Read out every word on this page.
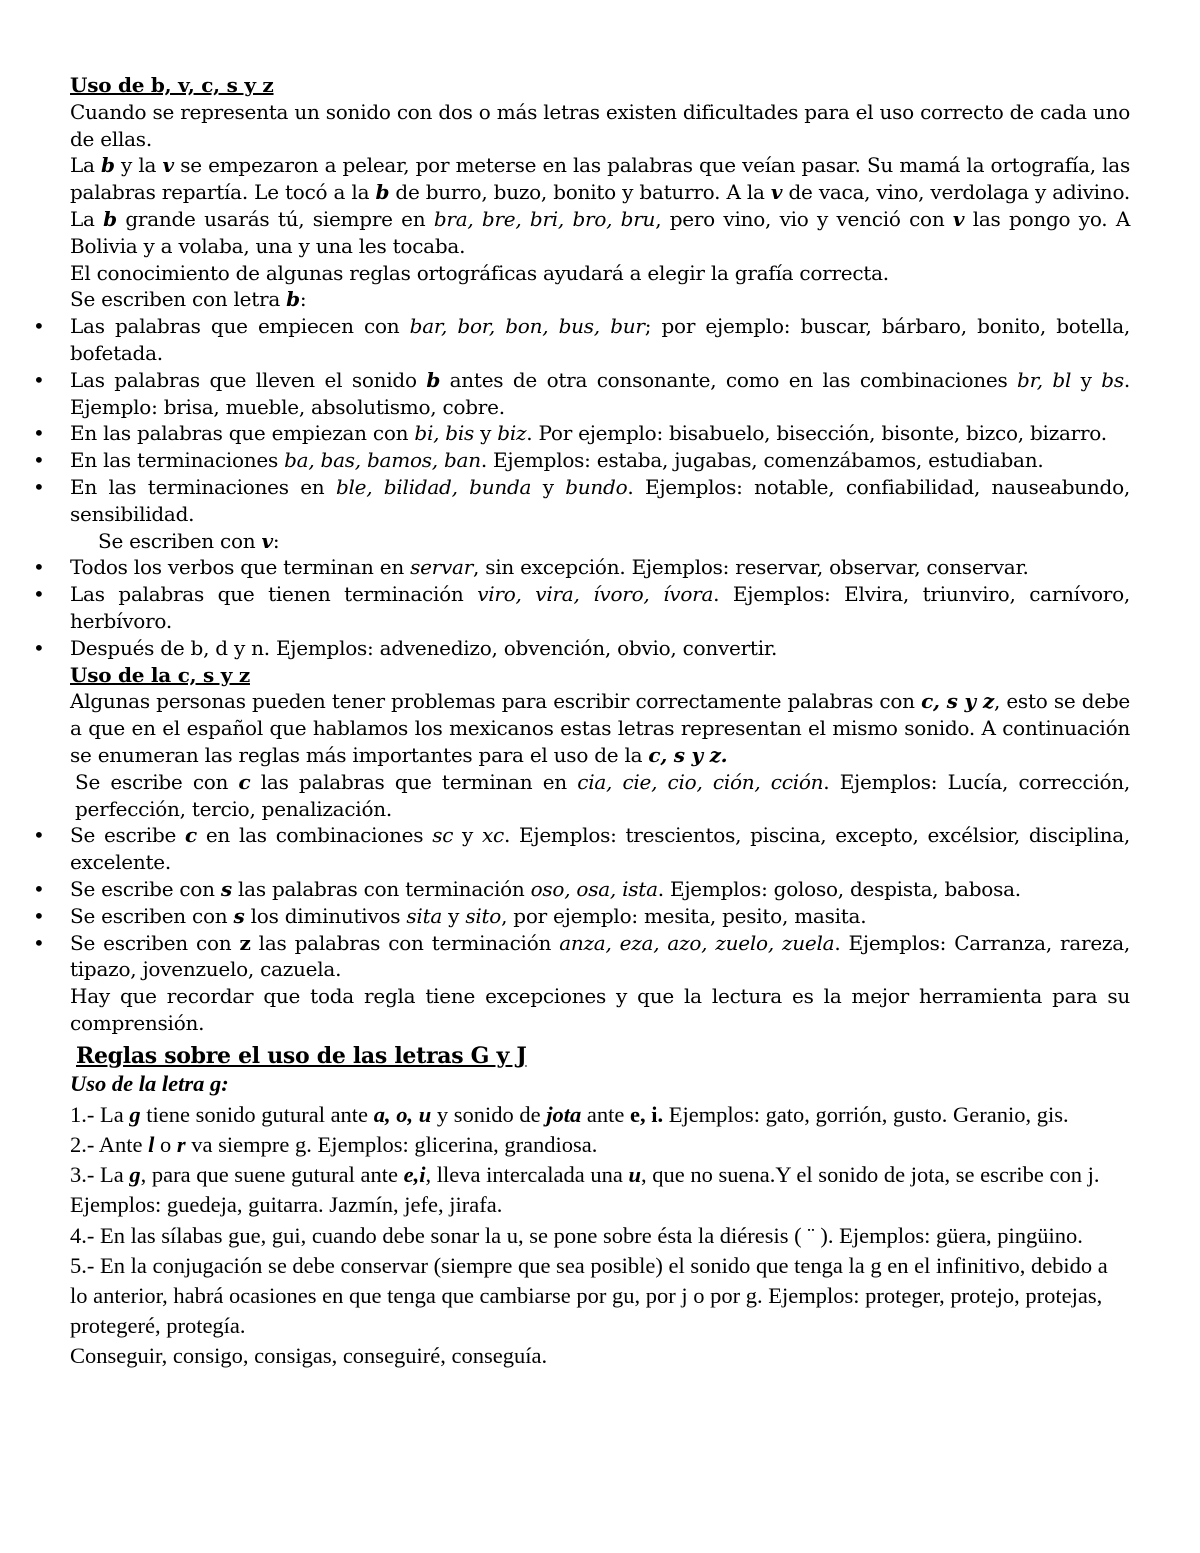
Uso de b, v, c, s y z
Cuando se representa un sonido con dos o más letras existen dificultades para el uso correcto de cada uno de ellas.
La b y la v se empezaron a pelear, por meterse en las palabras que veían pasar. Su mamá la ortografía, las palabras repartía. Le tocó a la b de burro, buzo, bonito y baturro. A la v de vaca, vino, verdolaga y adivino. La b grande usarás tú, siempre en bra, bre, bri, bro, bru, pero vino, vio y venció con v las pongo yo. A Bolivia y a volaba, una y una les tocaba.
El conocimiento de algunas reglas ortográficas ayudará a elegir la grafía correcta.
Se escriben con letra b:
• Las palabras que empiecen con bar, bor, bon, bus, bur; por ejemplo: buscar, bárbaro, bonito, botella, bofetada.
• Las palabras que lleven el sonido b antes de otra consonante, como en las combinaciones br, bl y bs. Ejemplo: brisa, mueble, absolutismo, cobre.
• En las palabras que empiezan con bi, bis y biz. Por ejemplo: bisabuelo, bisección, bisonte, bizco, bizarro.
• En las terminaciones ba, bas, bamos, ban. Ejemplos: estaba, jugabas, comenzábamos, estudiaban.
• En las terminaciones en ble, bilidad, bunda y bundo. Ejemplos: notable, confiabilidad, nauseabundo, sensibilidad.
Se escriben con v:
• Todos los verbos que terminan en servar, sin excepción. Ejemplos: reservar, observar, conservar.
• Las palabras que tienen terminación viro, vira, ívoro, ívora. Ejemplos: Elvira, triunviro, carnívoro, herbívoro.
• Después de b, d y n. Ejemplos: advenedizo, obvención, obvio, convertir.
Uso de la c, s y z
Algunas personas pueden tener problemas para escribir correctamente palabras con c, s y z, esto se debe a que en el español que hablamos los mexicanos estas letras representan el mismo sonido. A continuación se enumeran las reglas más importantes para el uso de la c, s y z.
Se escribe con c las palabras que terminan en cia, cie, cio, ción, cción. Ejemplos: Lucía, corrección, perfección, tercio, penalización.
• Se escribe c en las combinaciones sc y xc. Ejemplos: trescientos, piscina, excepto, excélsior, disciplina, excelente.
• Se escribe con s las palabras con terminación oso, osa, ista. Ejemplos: goloso, despista, babosa.
• Se escriben con s los diminutivos sita y sito, por ejemplo: mesita, pesito, masita.
• Se escriben con z las palabras con terminación anza, eza, azo, zuelo, zuela. Ejemplos: Carranza, rareza, tipazo, jovenzuelo, cazuela.
Hay que recordar que toda regla tiene excepciones y que la lectura es la mejor herramienta para su comprensión.
Reglas sobre el uso de las letras G y J
Uso de la letra g:
1.- La g tiene sonido gutural ante a, o, u y sonido de jota ante e, i. Ejemplos: gato, gorrión, gusto. Geranio, gis.
2.- Ante l o r va siempre g. Ejemplos: glicerina, grandiosa.
3.- La g, para que suene gutural ante e,i, lleva intercalada una u, que no suena.Y el sonido de jota, se escribe con j. Ejemplos: guedeja, guitarra. Jazmín, jefe, jirafa.
4.- En las sílabas gue, gui, cuando debe sonar la u, se pone sobre ésta la diéresis ( ¨ ). Ejemplos: güera, pingüino.
5.- En la conjugación se debe conservar (siempre que sea posible) el sonido que tenga la g en el infinitivo, debido a lo anterior, habrá ocasiones en que tenga que cambiarse por gu, por j o por g. Ejemplos: proteger, protejo, protejas, protegeré, protegía.
Conseguir, consigo, consigas, conseguiré, conseguía.
